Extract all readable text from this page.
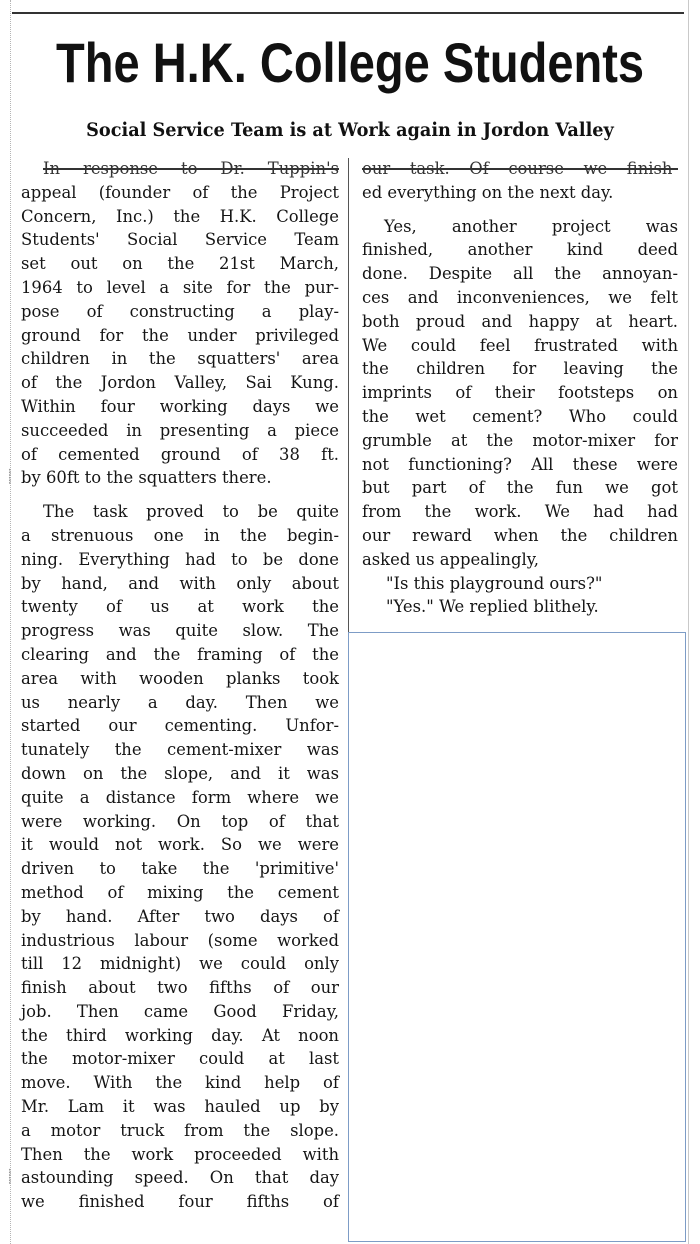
The H.K. College Students
Social Service Team is at Work again in Jordon Valley
In response to Dr. Tuppin's
appeal (founder of the Project
Concern, Inc.) the H.K. College
Students' Social Service Team
set out on the 21st March,
1964 to level a site for the pur-
pose of constructing a play-
ground for the under privileged
children in the squatters' area
of the Jordon Valley, Sai Kung.
Within four working days we
succeeded in presenting a piece
of cemented ground of 38 ft.
by 60ft to the squatters there.
The task proved to be quite
a strenuous one in the begin-
ning. Everything had to be done
by hand, and with only about
twenty of us at work the
progress was quite slow. The
clearing and the framing of the
area with wooden planks took
us nearly a day. Then we
started our cementing. Unfor-
tunately the cement-mixer was
down on the slope, and it was
quite a distance form where we
were working. On top of that
it would not work. So we were
driven to take the 'primitive'
method of mixing the cement
by hand. After two days of
industrious labour (some worked
till 12 midnight) we could only
finish about two fifths of our
job. Then came Good Friday,
the third working day. At noon
the motor-mixer could at last
move. With the kind help of
Mr. Lam it was hauled up by
a motor truck from the slope.
Then the work proceeded with
astounding speed. On that day
we finished four fifths of
our task. Of course we finish-
ed everything on the next day.
Yes, another project was
finished, another kind deed
done. Despite all the annoyan-
ces and inconveniences, we felt
both proud and happy at heart.
We could feel frustrated with
the children for leaving the
imprints of their footsteps on
the wet cement? Who could
grumble at the motor-mixer for
not functioning? All these were
but part of the fun we got
from the work. We had had
our reward when the children
asked us appealingly,
"Is this playground ours?"
"Yes." We replied blithely.
⸽
⸽
